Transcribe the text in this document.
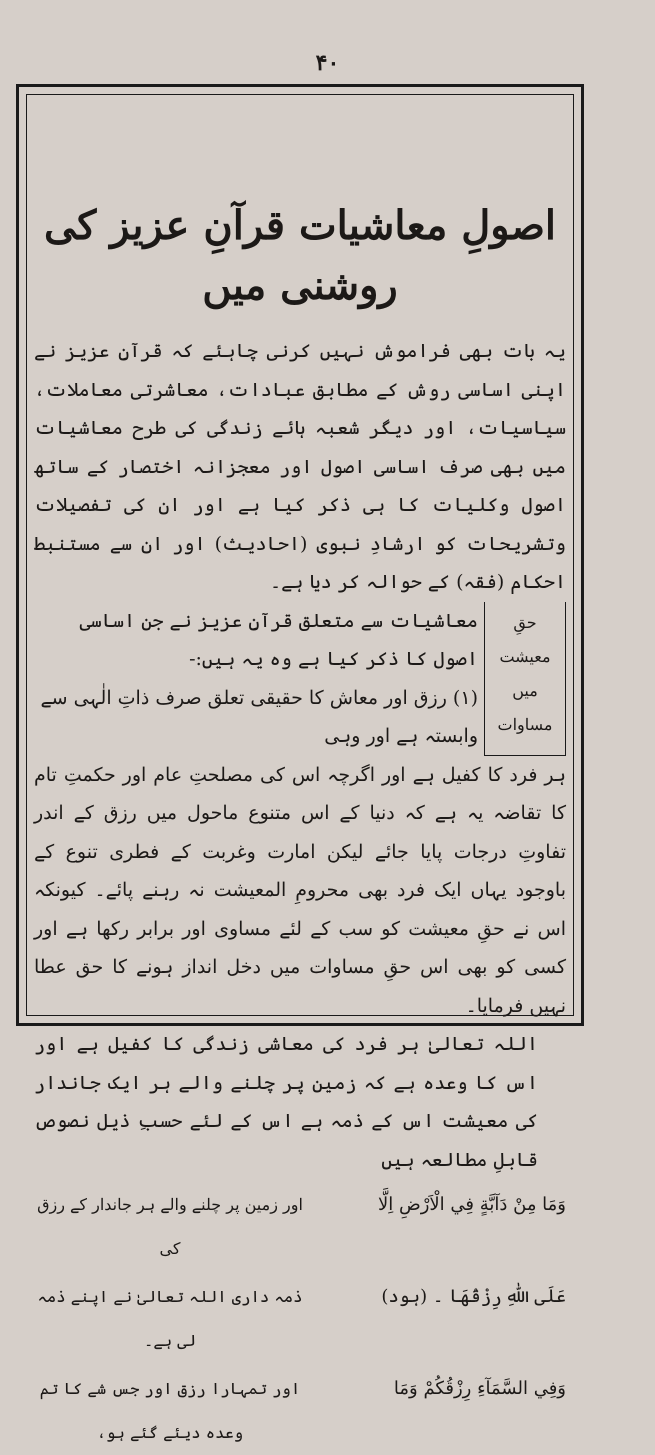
۴۰
اصولِ معاشیات قرآنِ عزیز کی روشنی میں

یہ بات بھی فراموش نہیں کرنی چاہئے کہ قرآنِ عزیز نے اپنی اساسی روش کے مطابق عبادات، معاشرتی معاملات، سیاسیات، اور دیگر شعبہ ہائے زندگی کی طرح معاشیات میں بھی صرف اساسی اصول اور معجزانہ اختصار کے ساتھ اصول وکلیات کا ہی ذکر کیا ہے اور ان کی تفصیلات وتشریحات کو ارشادِ نبوی (احادیث) اور ان سے مستنبط احکام (فقہ) کے حوالہ کر دیا ہے۔

حقِ معیشت
میں مساوات
معاشیات سے متعلق قرآنِ عزیز نے جن اساسی اصول کا ذکر کیا ہے وہ یہ ہیں:-
(۱) رزق اور معاش کا حقیقی تعلق صرف ذاتِ الٰہی سے وابستہ ہے اور وہی

ہر فرد کا کفیل ہے اور اگرچہ اس کی مصلحتِ عام اور حکمتِ تام کا تقاضہ یہ ہے کہ دنیا کے اس متنوع ماحول میں رزق کے اندر تفاوتِ درجات پایا جائے لیکن امارت وغربت کے فطری تنوع کے باوجود یہاں ایک فرد بھی محرومِ المعیشت نہ رہنے پائے۔ کیونکہ اس نے حقِ معیشت کو سب کے لئے مساوی اور برابر رکھا ہے اور کسی کو بھی اس حقِ مساوات میں دخل انداز ہونے کا حق عطا نہیں فرمایا۔

اللہ تعالیٰ ہر فرد کی معاشی زندگی کا کفیل ہے اور اس کا وعدہ ہے کہ زمین پر چلنے والے ہر ایک جاندار کی معیشت اس کے ذمہ ہے اس کے لئے حسبِ ذیل نصوص قابلِ مطالعہ ہیں

وَمَا مِنْ دَآبَّةٍ فِي الْاَرْضِ اِلَّا
اور زمین پر چلنے والے ہر جاندار کے رزق کی
عَلَى اللّٰهِ رِزْقُهَا ۔ (ہود)
ذمہ داری اللہ تعالیٰ نے اپنے ذمہ لی ہے۔
وَفِي السَّمَآءِ رِزْقُكُمْ وَمَا
اور تمہارا رزق اور جس شے کا تم وعدہ دیئے گئے ہو،
